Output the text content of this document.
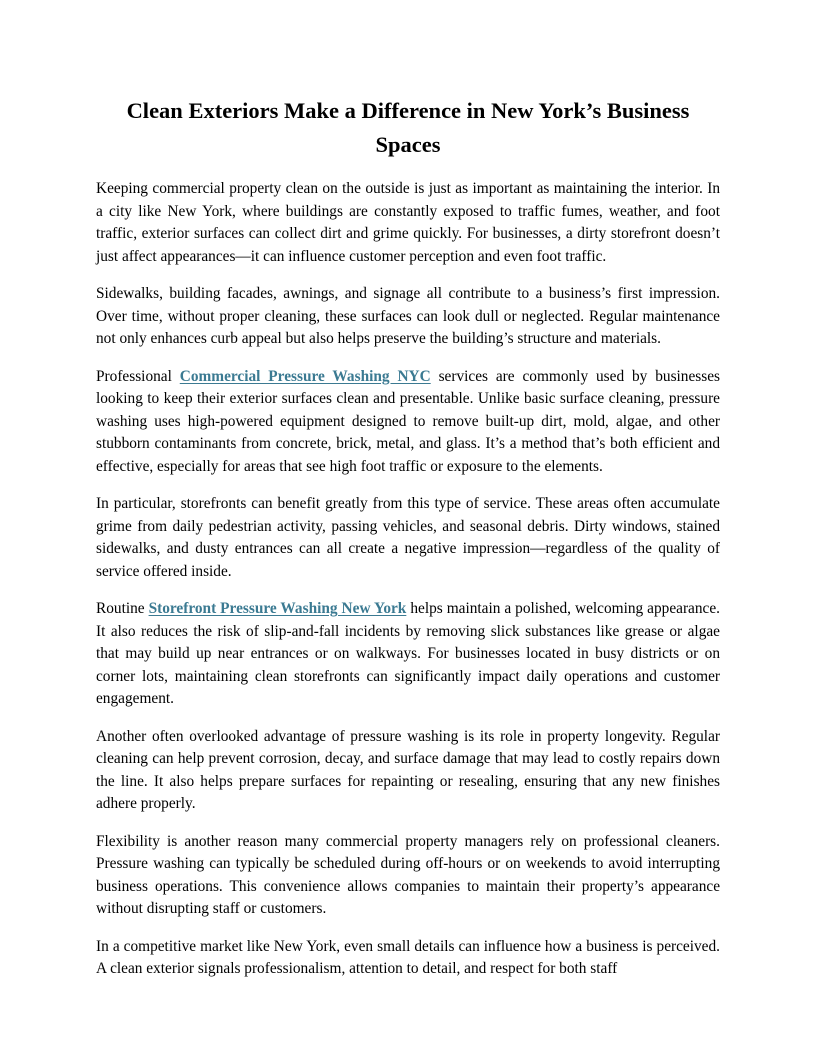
Clean Exteriors Make a Difference in New York’s Business Spaces

Keeping commercial property clean on the outside is just as important as maintaining the interior. In a city like New York, where buildings are constantly exposed to traffic fumes, weather, and foot traffic, exterior surfaces can collect dirt and grime quickly. For businesses, a dirty storefront doesn’t just affect appearances—it can influence customer perception and even foot traffic.

Sidewalks, building facades, awnings, and signage all contribute to a business’s first impression. Over time, without proper cleaning, these surfaces can look dull or neglected. Regular maintenance not only enhances curb appeal but also helps preserve the building’s structure and materials.

Professional Commercial Pressure Washing NYC services are commonly used by businesses looking to keep their exterior surfaces clean and presentable. Unlike basic surface cleaning, pressure washing uses high-powered equipment designed to remove built-up dirt, mold, algae, and other stubborn contaminants from concrete, brick, metal, and glass. It’s a method that’s both efficient and effective, especially for areas that see high foot traffic or exposure to the elements.

In particular, storefronts can benefit greatly from this type of service. These areas often accumulate grime from daily pedestrian activity, passing vehicles, and seasonal debris. Dirty windows, stained sidewalks, and dusty entrances can all create a negative impression—regardless of the quality of service offered inside.

Routine Storefront Pressure Washing New York helps maintain a polished, welcoming appearance. It also reduces the risk of slip-and-fall incidents by removing slick substances like grease or algae that may build up near entrances or on walkways. For businesses located in busy districts or on corner lots, maintaining clean storefronts can significantly impact daily operations and customer engagement.

Another often overlooked advantage of pressure washing is its role in property longevity. Regular cleaning can help prevent corrosion, decay, and surface damage that may lead to costly repairs down the line. It also helps prepare surfaces for repainting or resealing, ensuring that any new finishes adhere properly.

Flexibility is another reason many commercial property managers rely on professional cleaners. Pressure washing can typically be scheduled during off-hours or on weekends to avoid interrupting business operations. This convenience allows companies to maintain their property’s appearance without disrupting staff or customers.

In a competitive market like New York, even small details can influence how a business is perceived. A clean exterior signals professionalism, attention to detail, and respect for both staff
